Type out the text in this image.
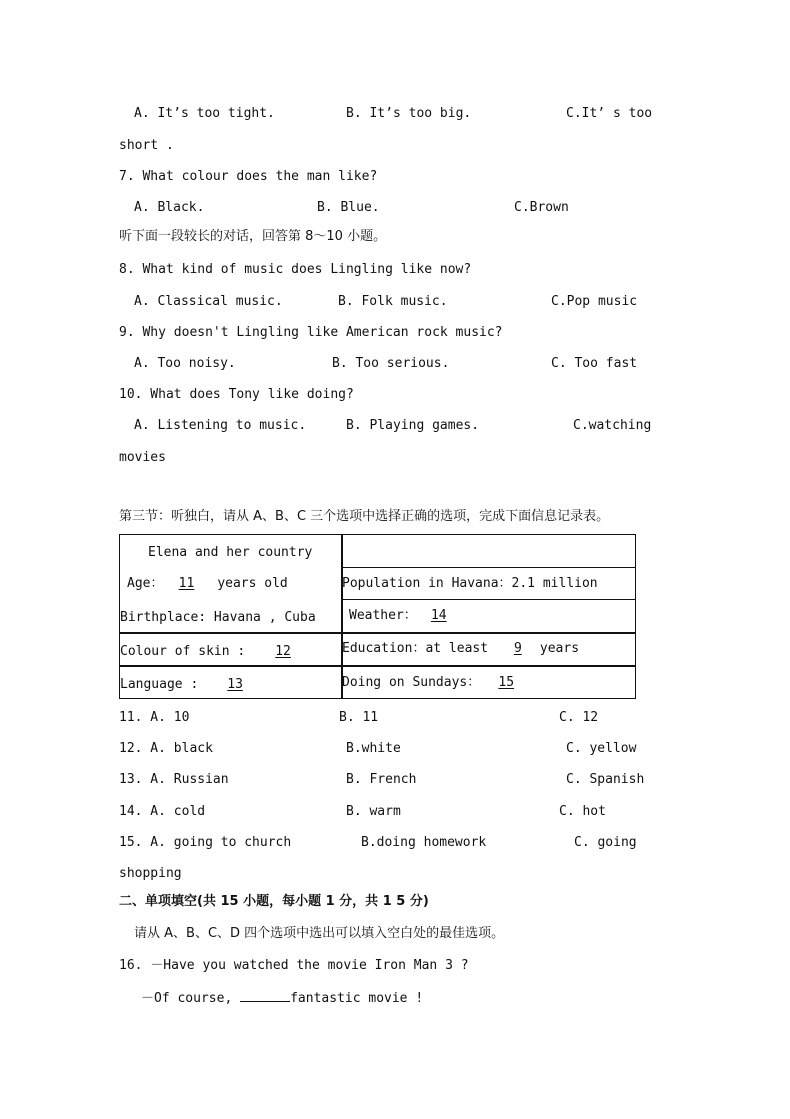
A. It’s too tight.	B. It’s too big.	C.It’ s too
short .
7. What colour does the man like?
A. Black.	B. Blue.	C.Brown
听下面一段较长的对话，回答第 8～10 小题。
8. What kind of music does Lingling like now?
A. Classical music.	B. Folk music.	C.Pop music
9. Why doesn't Lingling like American rock music?
A. Too noisy.	B. Too serious.	C. Too fast
10. What does Tony like doing?
A. Listening to music.	B. Playing games.	C.watching
movies
第三节：听独白，请从 A、B、C 三个选项中选择正确的选项，完成下面信息记录表。
Elena and her country
Age： 11 years old	Population in Havana：2.1 million
Birthplace: Havana , Cuba	Weather： 14
Colour of skin : 12	Education：at least 9 years
Language : 13	Doing on Sundays： 15
11. A. 10	B. 11	C. 12
12. A. black	B.white	C. yellow
13. A. Russian	B. French	C. Spanish
14. A. cold	B. warm	C. hot
15. A. going to church	B.doing homework	C. going
shopping
二、单项填空(共 15 小题，每小题 1 分，共 1 5 分)
请从 A、B、C、D 四个选项中选出可以填入空白处的最佳选项。
16. －Have you watched the movie Iron Man 3 ?
－Of course,	fantastic movie !
